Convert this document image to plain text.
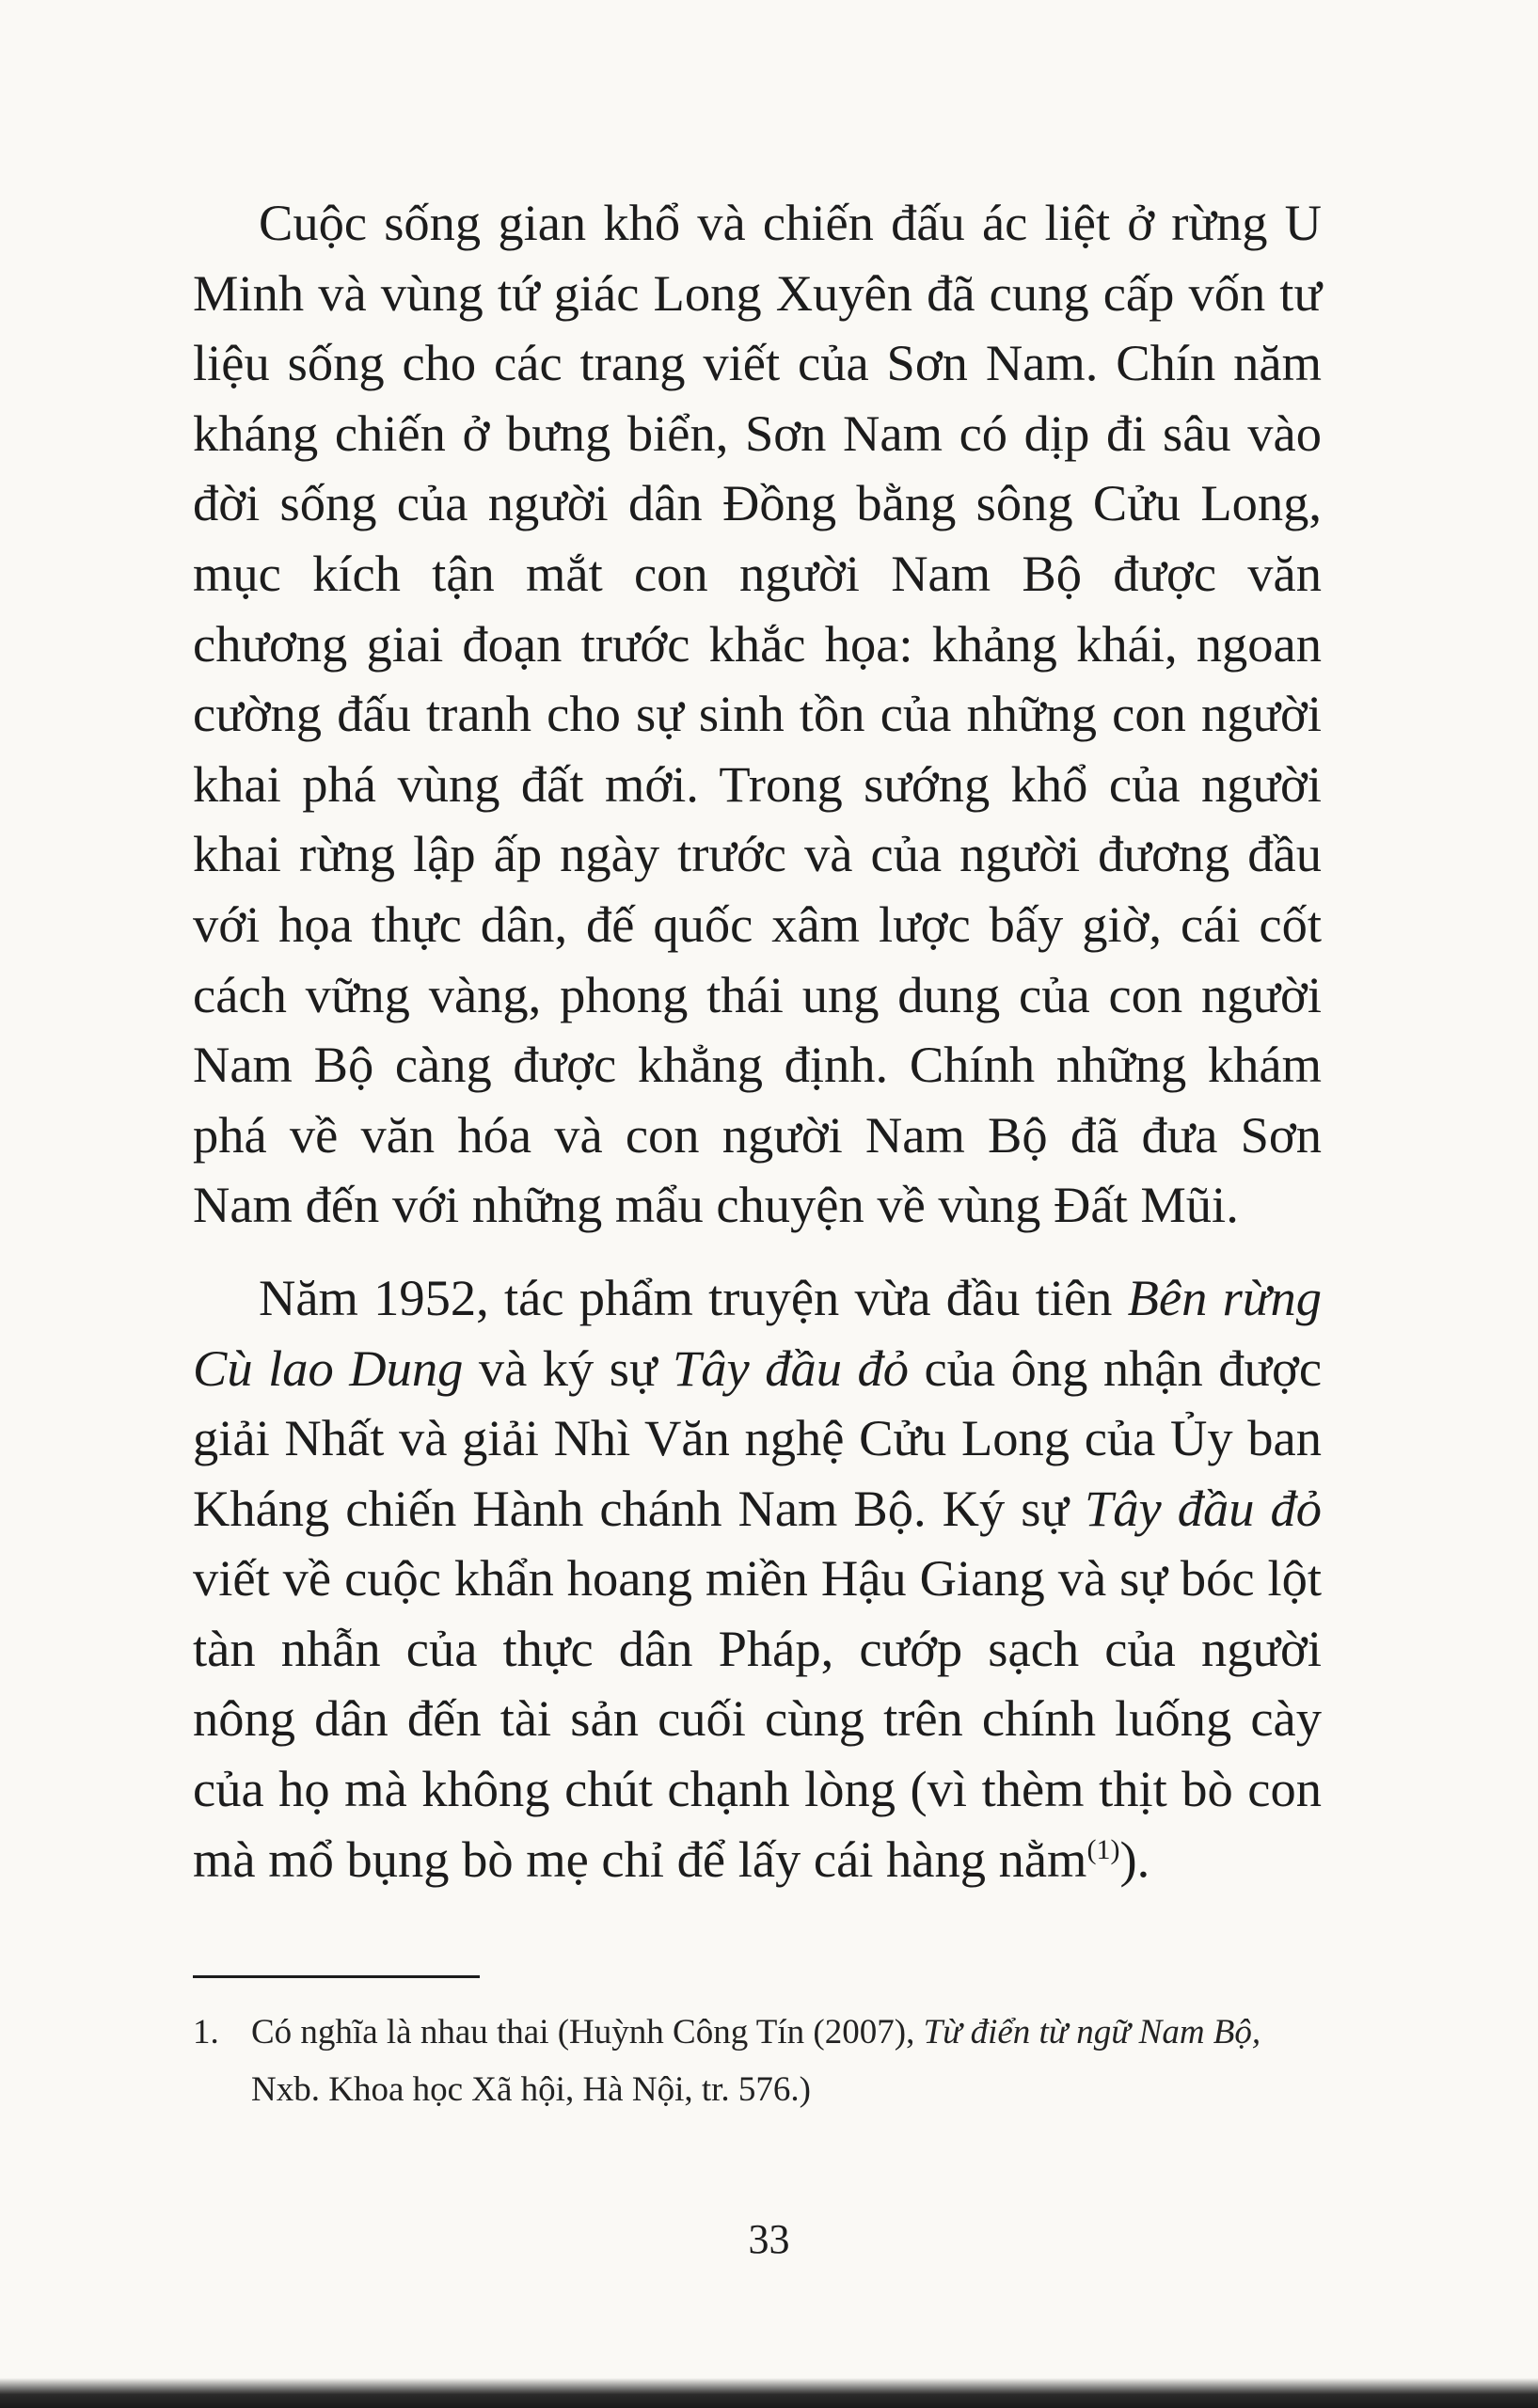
Cuộc sống gian khổ và chiến đấu ác liệt ở rừng U Minh và vùng tứ giác Long Xuyên đã cung cấp vốn tư liệu sống cho các trang viết của Sơn Nam. Chín năm kháng chiến ở bưng biển, Sơn Nam có dịp đi sâu vào đời sống của người dân Đồng bằng sông Cửu Long, mục kích tận mắt con người Nam Bộ được văn chương giai đoạn trước khắc họa: khảng khái, ngoan cường đấu tranh cho sự sinh tồn của những con người khai phá vùng đất mới. Trong sướng khổ của người khai rừng lập ấp ngày trước và của người đương đầu với họa thực dân, đế quốc xâm lược bấy giờ, cái cốt cách vững vàng, phong thái ung dung của con người Nam Bộ càng được khẳng định. Chính những khám phá về văn hóa và con người Nam Bộ đã đưa Sơn Nam đến với những mẩu chuyện về vùng Đất Mũi.

Năm 1952, tác phẩm truyện vừa đầu tiên Bên rừng Cù lao Dung và ký sự Tây đầu đỏ của ông nhận được giải Nhất và giải Nhì Văn nghệ Cửu Long của Ủy ban Kháng chiến Hành chánh Nam Bộ. Ký sự Tây đầu đỏ viết về cuộc khẩn hoang miền Hậu Giang và sự bóc lột tàn nhẫn của thực dân Pháp, cướp sạch của người nông dân đến tài sản cuối cùng trên chính luống cày của họ mà không chút chạnh lòng (vì thèm thịt bò con mà mổ bụng bò mẹ chỉ để lấy cái hàng nằm$^{(1)}$).

1. Có nghĩa là nhau thai (Huỳnh Công Tín (2007), Từ điển từ ngữ Nam Bộ, Nxb. Khoa học Xã hội, Hà Nội, tr. 576.)
33
